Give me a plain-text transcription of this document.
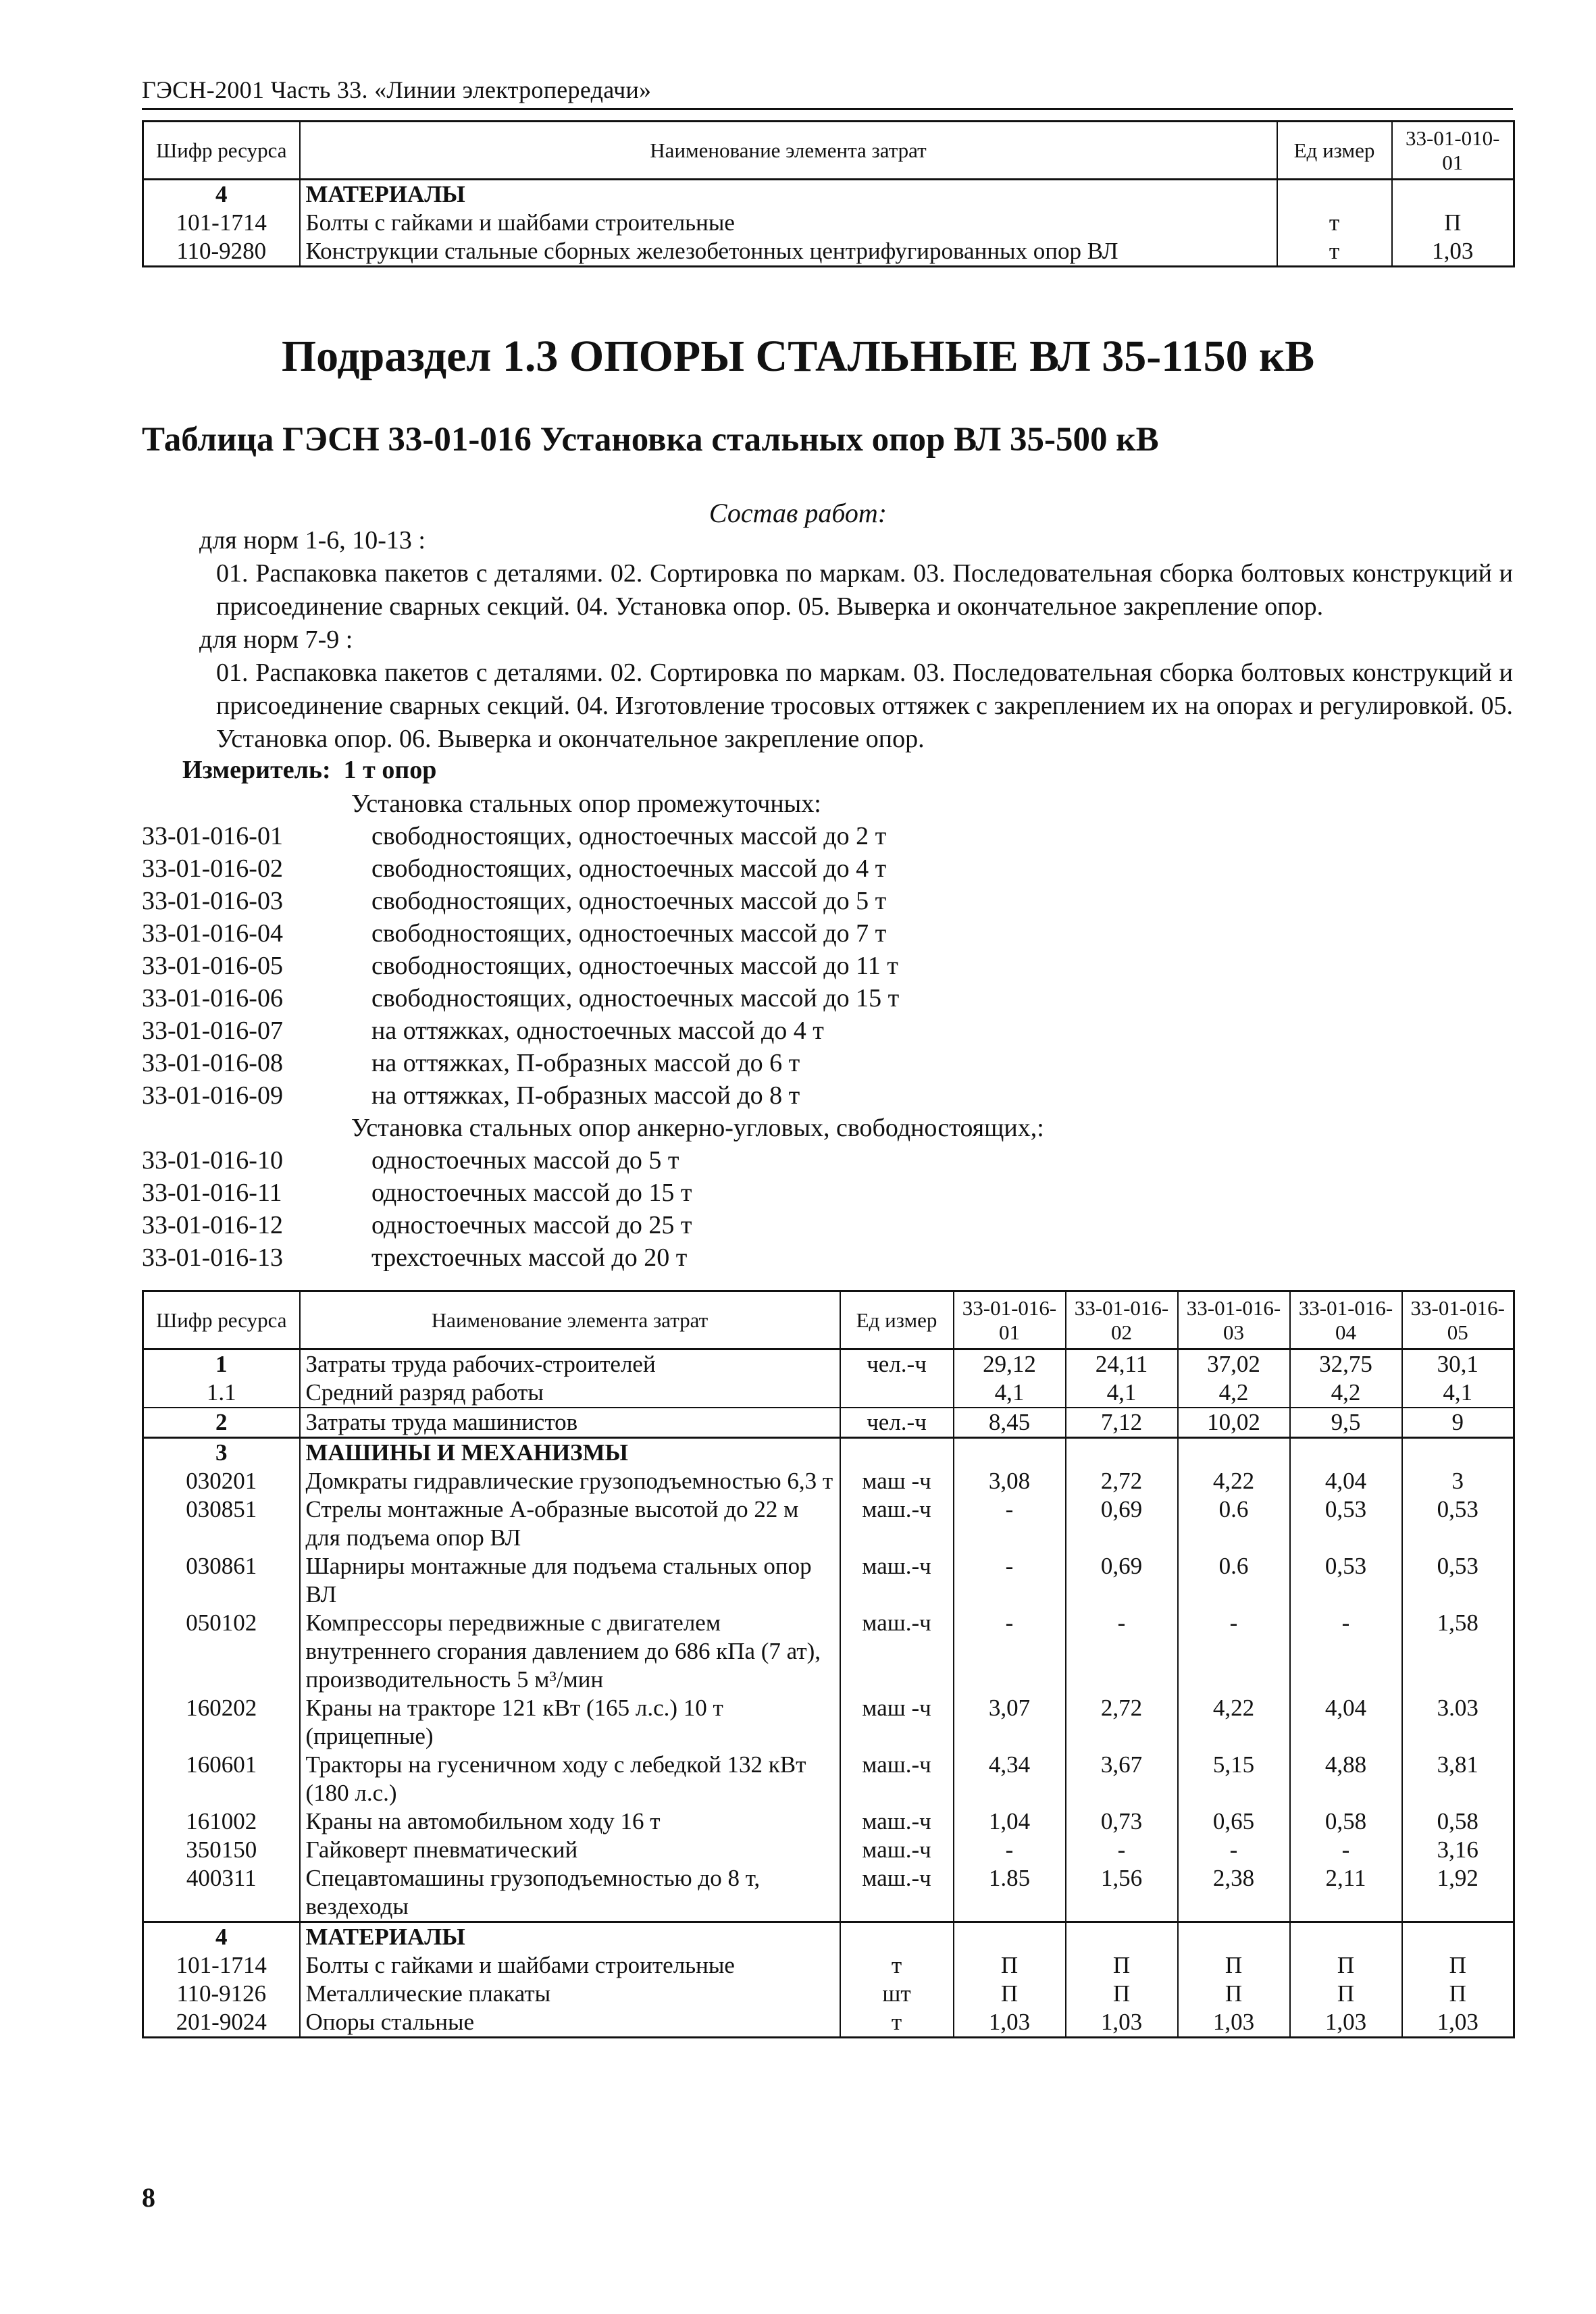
ГЭСН-2001 Часть 33. «Линии электропередачи»
Шифр ресурса	Наименование элемента затрат	Ед измер	33-01-010-01
4	МАТЕРИАЛЫ		
101-1714	Болты с гайками и шайбами строительные	т	П
110-9280	Конструкции стальные сборных железобетонных центрифугированных опор ВЛ	т	1,03
Подраздел 1.3 ОПОРЫ СТАЛЬНЫЕ ВЛ 35-1150 кВ
Таблица ГЭСН 33-01-016 Установка стальных опор ВЛ 35-500 кВ
Состав работ:

для норм 1-6, 10-13 :

01. Распаковка пакетов с деталями. 02. Сортировка по маркам. 03. Последовательная сборка болтовых конструкций и присоединение сварных секций. 04. Установка опор. 05. Выверка и окончательное закрепление опор.

для норм 7-9 :

01. Распаковка пакетов с деталями. 02. Сортировка по маркам. 03. Последовательная сборка болтовых конструкций и присоединение сварных секций. 04. Изготовление тросовых оттяжек с закреплением их на опорах и регулировкой. 05. Установка опор. 06. Выверка и окончательное закрепление опор.

Измеритель: 1 т опор
Установка стальных опор промежуточных:
33-01-016-01	свободностоящих, одностоечных массой до 2 т
33-01-016-02	свободностоящих, одностоечных массой до 4 т
33-01-016-03	свободностоящих, одностоечных массой до 5 т
33-01-016-04	свободностоящих, одностоечных массой до 7 т
33-01-016-05	свободностоящих, одностоечных массой до 11 т
33-01-016-06	свободностоящих, одностоечных массой до 15 т
33-01-016-07	на оттяжках, одностоечных массой до 4 т
33-01-016-08	на оттяжках, П-образных массой до 6 т
33-01-016-09	на оттяжках, П-образных массой до 8 т
Установка стальных опор анкерно-угловых, свободностоящих,:
33-01-016-10	одностоечных массой до 5 т
33-01-016-11	одностоечных массой до 15 т
33-01-016-12	одностоечных массой до 25 т
33-01-016-13	трехстоечных массой до 20 т
Шифр ресурса	Наименование элемента затрат	Ед измер	33-01-016-01	33-01-016-02	33-01-016-03	33-01-016-04	33-01-016-05
1	Затраты труда рабочих-строителей	чел.-ч	29,12	24,11	37,02	32,75	30,1
1.1	Средний разряд работы		4,1	4,1	4,2	4,2	4,1
2	Затраты труда машинистов	чел.-ч	8,45	7,12	10,02	9,5	9
3	МАШИНЫ И МЕХАНИЗМЫ						
030201	Домкраты гидравлические грузоподъемностью 6,3 т	маш -ч	3,08	2,72	4,22	4,04	3
030851	Стрелы монтажные А-образные высотой до 22 м для подъема опор ВЛ	маш.-ч	-	0,69	0.6	0,53	0,53
030861	Шарниры монтажные для подъема стальных опор ВЛ	маш.-ч	-	0,69	0.6	0,53	0,53
050102	Компрессоры передвижные с двигателем внутреннего сгорания давлением до 686 кПа (7 ат), производительность 5 м³/мин	маш.-ч	-	-	-	-	1,58
160202	Краны на тракторе 121 кВт (165 л.с.) 10 т (прицепные)	маш -ч	3,07	2,72	4,22	4,04	3.03
160601	Тракторы на гусеничном ходу с лебедкой 132 кВт (180 л.с.)	маш.-ч	4,34	3,67	5,15	4,88	3,81
161002	Краны на автомобильном ходу 16 т	маш.-ч	1,04	0,73	0,65	0,58	0,58
350150	Гайковерт пневматический	маш.-ч	-	-	-	-	3,16
400311	Спецавтомашины грузоподъемностью до 8 т, вездеходы	маш.-ч	1.85	1,56	2,38	2,11	1,92
4	МАТЕРИАЛЫ						
101-1714	Болты с гайками и шайбами строительные	т	П	П	П	П	П
110-9126	Металлические плакаты	шт	П	П	П	П	П
201-9024	Опоры стальные	т	1,03	1,03	1,03	1,03	1,03
8
